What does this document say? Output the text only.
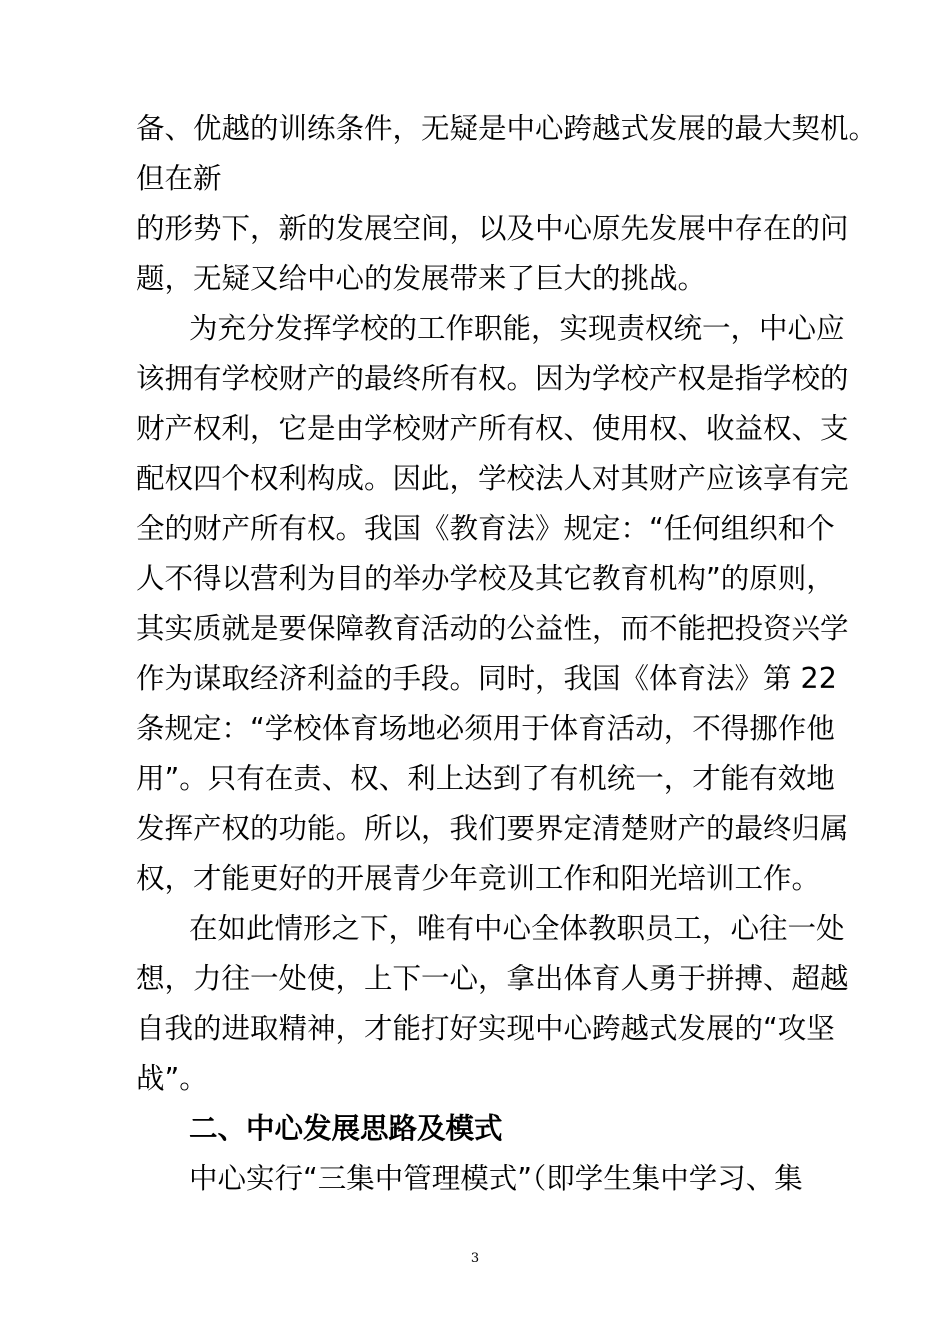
备、优越的训练条件，无疑是中心跨越式发展的最大契机。

但在新

的形势下，新的发展空间，以及中心原先发展中存在的问

题，无疑又给中心的发展带来了巨大的挑战。

为充分发挥学校的工作职能，实现责权统一，中心应

该拥有学校财产的最终所有权。因为学校产权是指学校的

财产权利，它是由学校财产所有权、使用权、收益权、支

配权四个权利构成。因此，学校法人对其财产应该享有完

全的财产所有权。我国《教育法》规定：“任何组织和个

人不得以营利为目的举办学校及其它教育机构”的原则，

其实质就是要保障教育活动的公益性，而不能把投资兴学

作为谋取经济利益的手段。同时，我国《体育法》第 22

条规定：“学校体育场地必须用于体育活动，不得挪作他

用”。只有在责、权、利上达到了有机统一，才能有效地

发挥产权的功能。所以，我们要界定清楚财产的最终归属

权，才能更好的开展青少年竞训工作和阳光培训工作。

在如此情形之下，唯有中心全体教职员工，心往一处

想，力往一处使，上下一心，拿出体育人勇于拼搏、超越

自我的进取精神，才能打好实现中心跨越式发展的“攻坚

战”。

二、中心发展思路及模式

中心实行“三集中管理模式”（即学生集中学习、集

3
